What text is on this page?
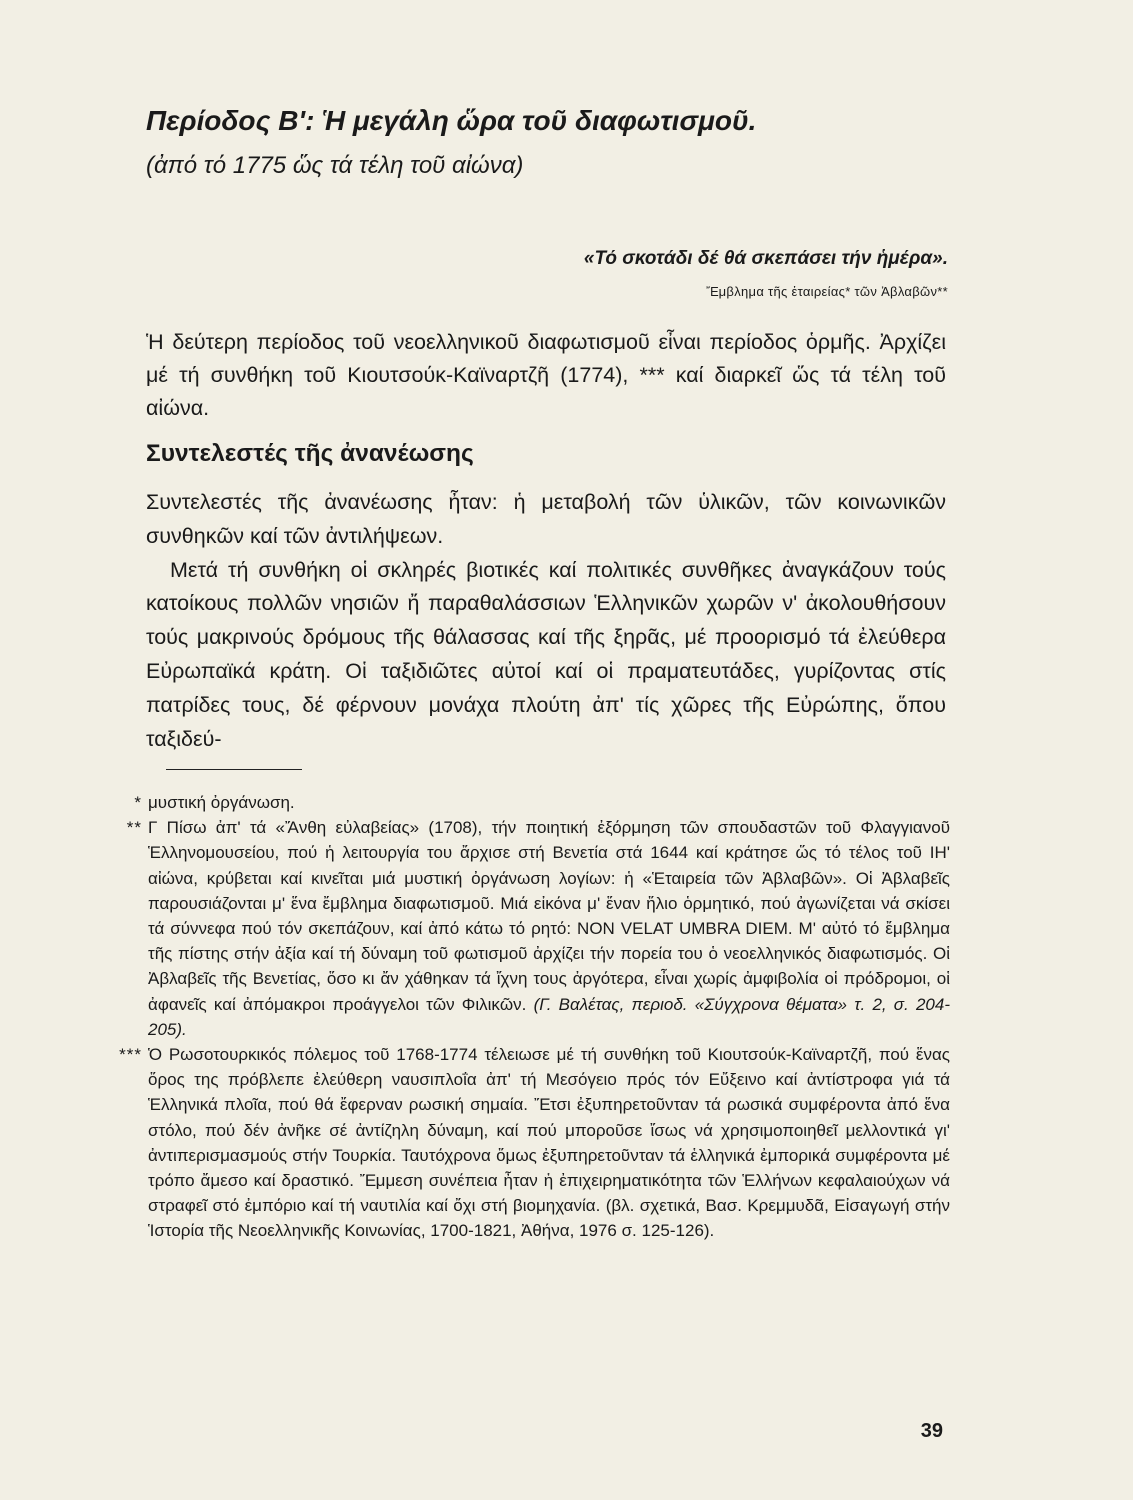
Περίοδος Β': Ἡ μεγάλη ὥρα τοῦ διαφωτισμοῦ.
(ἀπό τό 1775 ὥς τά τέλη τοῦ αἰώνα)
«Τό σκοτάδι δέ θά σκεπάσει τήν ἡμέρα».
Ἔμβλημα τῆς ἑταιρείας* τῶν Ἀβλαβῶν**

Ἡ δεύτερη περίοδος τοῦ νεοελληνικοῦ διαφωτισμοῦ εἶναι περίοδος ὁρμῆς. Ἀρχίζει μέ τή συνθήκη τοῦ Κιουτσούκ-Καϊναρτζῆ (1774), *** καί διαρκεῖ ὥς τά τέλη τοῦ αἰώνα.

Συντελεστές τῆς ἀνανέωσης

Συντελεστές τῆς ἀνανέωσης ἦταν: ἡ μεταβολή τῶν ὑλικῶν, τῶν κοινωνικῶν συνθηκῶν καί τῶν ἀντιλήψεων.

Μετά τή συνθήκη οἱ σκληρές βιοτικές καί πολιτικές συνθῆκες ἀναγκάζουν τούς κατοίκους πολλῶν νησιῶν ἤ παραθαλάσσιων Ἑλληνικῶν χωρῶν ν' ἀκολουθήσουν τούς μακρινούς δρόμους τῆς θάλασσας καί τῆς ξηρᾶς, μέ προορισμό τά ἐλεύθερα Εὐρωπαϊκά κράτη. Οἱ ταξιδιῶτες αὐτοί καί οἱ πραματευτάδες, γυρίζοντας στίς πατρίδες τους, δέ φέρνουν μονάχα πλούτη ἀπ' τίς χῶρες τῆς Εὐρώπης, ὅπου ταξιδεύ-

* μυστική ὀργάνωση.
** Γ Πίσω ἀπ' τά «Ἄνθη εὐλαβείας» (1708), τήν ποιητική ἐξόρμηση τῶν σπουδαστῶν τοῦ Φλαγγιανοῦ Ἑλληνομουσείου, πού ἡ λειτουργία του ἄρχισε στή Βενετία στά 1644 καί κράτησε ὥς τό τέλος τοῦ ΙΗ' αἰώνα, κρύβεται καί κινεῖται μιά μυστική ὀργάνωση λογίων: ἡ «Ἑταιρεία τῶν Ἀβλαβῶν». Οἱ Ἀβλαβεῖς παρουσιάζονται μ' ἕνα ἔμβλημα διαφωτισμοῦ. Μιά εἰκόνα μ' ἕναν ἥλιο ὁρμητικό, πού ἀγωνίζεται νά σκίσει τά σύννεφα πού τόν σκεπάζουν, καί ἀπό κάτω τό ρητό: NON VELAT UMBRA DIEM. Μ' αὐτό τό ἔμβλημα τῆς πίστης στήν ἀξία καί τή δύναμη τοῦ φωτισμοῦ ἀρχίζει τήν πορεία του ὁ νεοελληνικός διαφωτισμός. Οἱ Ἀβλαβεῖς τῆς Βενετίας, ὅσο κι ἄν χάθηκαν τά ἴχνη τους ἀργότερα, εἶναι χωρίς ἀμφιβολία οἱ πρόδρομοι, οἱ ἀφανεῖς καί ἀπόμακροι προάγγελοι τῶν Φιλικῶν. (Γ. Βαλέτας, περιοδ. «Σύγχρονα θέματα» τ. 2, σ. 204-205).
*** Ὁ Ρωσοτουρκικός πόλεμος τοῦ 1768-1774 τέλειωσε μέ τή συνθήκη τοῦ Κιουτσούκ-Καϊναρτζῆ, πού ἕνας ὅρος της πρόβλεπε ἐλεύθερη ναυσιπλοΐα ἀπ' τή Μεσόγειο πρός τόν Εὔξεινο καί ἀντίστροφα γιά τά Ἑλληνικά πλοῖα, πού θά ἔφερναν ρωσική σημαία. Ἔτσι ἐξυπηρετοῦνταν τά ρωσικά συμφέροντα ἀπό ἕνα στόλο, πού δέν ἀνῆκε σέ ἀντίζηλη δύναμη, καί πού μποροῦσε ἴσως νά χρησιμοποιηθεῖ μελλοντικά γι' ἀντιπερισμασμούς στήν Τουρκία. Ταυτόχρονα ὅμως ἐξυπηρετοῦνταν τά ἑλληνικά ἐμπορικά συμφέροντα μέ τρόπο ἄμεσο καί δραστικό. Ἔμμεση συνέπεια ἦταν ἡ ἐπιχειρηματικότητα τῶν Ἑλλήνων κεφαλαιούχων νά στραφεῖ στό ἐμπόριο καί τή ναυτιλία καί ὄχι στή βιομηχανία. (βλ. σχετικά, Βασ. Κρεμμυδᾶ, Εἰσαγωγή στήν Ἱστορία τῆς Νεοελληνικῆς Κοινωνίας, 1700-1821, Ἀθήνα, 1976 σ. 125-126).
39
